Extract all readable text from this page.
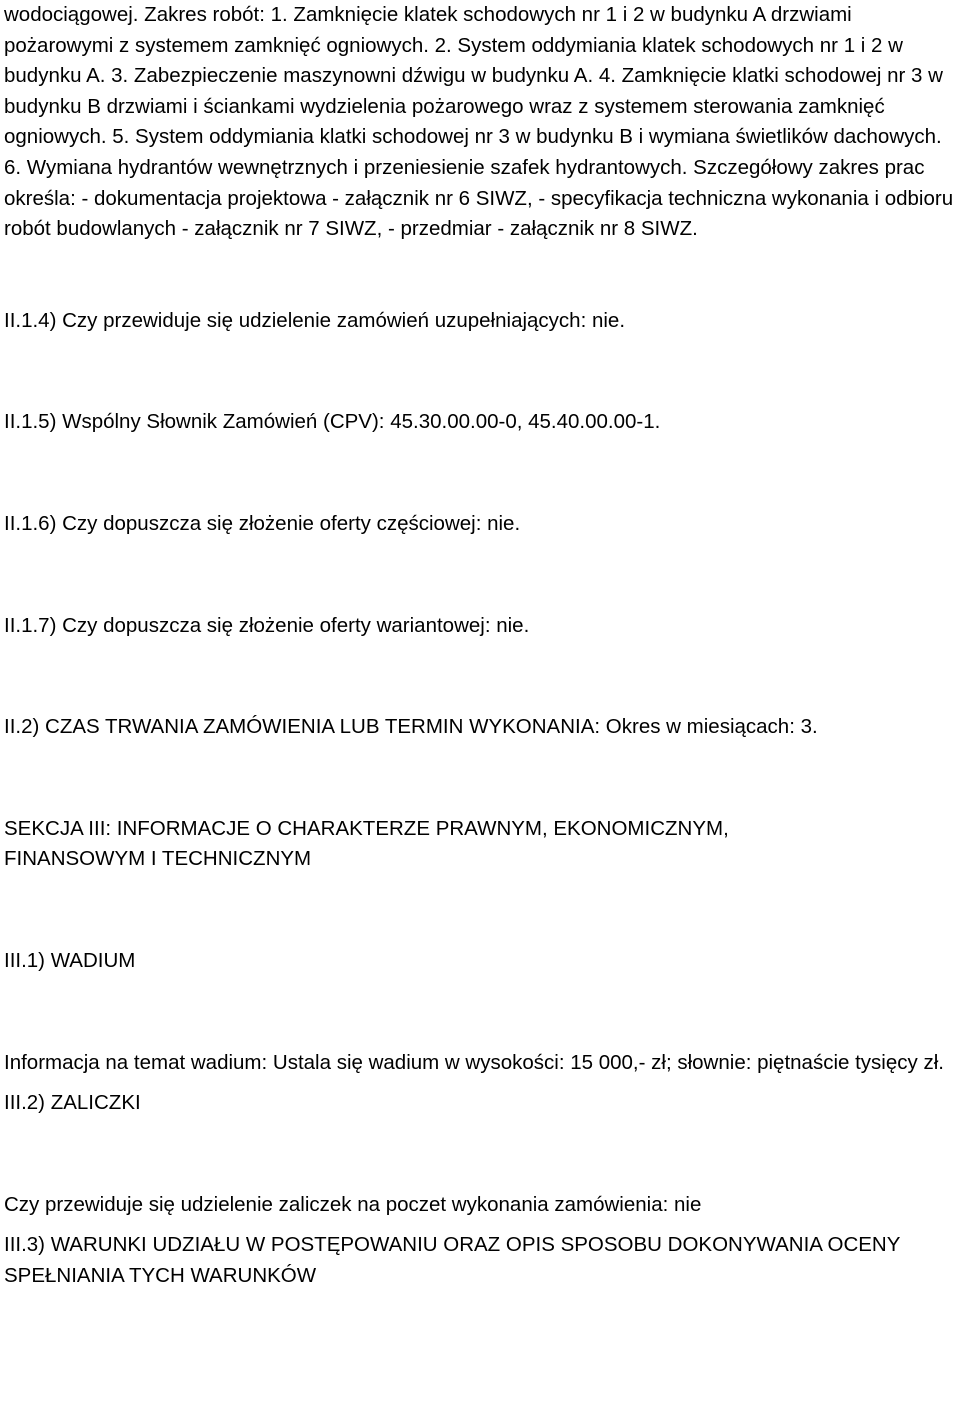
wodociągowej. Zakres robót: 1. Zamknięcie klatek schodowych nr 1 i 2 w budynku A drzwiami pożarowymi z systemem zamknięć ogniowych. 2. System oddymiania klatek schodowych nr 1 i 2 w budynku A. 3. Zabezpieczenie maszynowni dźwigu w budynku A. 4. Zamknięcie klatki schodowej nr 3 w budynku B drzwiami i ściankami wydzielenia pożarowego wraz z systemem sterowania zamknięć ogniowych. 5. System oddymiania klatki schodowej nr 3 w budynku B i wymiana świetlików dachowych. 6. Wymiana hydrantów wewnętrznych i przeniesienie szafek hydrantowych. Szczegółowy zakres prac określa: - dokumentacja projektowa - załącznik nr 6 SIWZ, - specyfikacja techniczna wykonania i odbioru robót budowlanych - załącznik nr 7 SIWZ, - przedmiar - załącznik nr 8 SIWZ.

II.1.4) Czy przewiduje się udzielenie zamówień uzupełniających: nie.

II.1.5) Wspólny Słownik Zamówień (CPV): 45.30.00.00-0, 45.40.00.00-1.

II.1.6) Czy dopuszcza się złożenie oferty częściowej: nie.

II.1.7) Czy dopuszcza się złożenie oferty wariantowej: nie.

II.2) CZAS TRWANIA ZAMÓWIENIA LUB TERMIN WYKONANIA: Okres w miesiącach: 3.

SEKCJA III: INFORMACJE O CHARAKTERZE PRAWNYM, EKONOMICZNYM,
FINANSOWYM I TECHNICZNYM

III.1) WADIUM

Informacja na temat wadium: Ustala się wadium w wysokości: 15 000,- zł; słownie: piętnaście tysięcy zł.

III.2) ZALICZKI

Czy przewiduje się udzielenie zaliczek na poczet wykonania zamówienia: nie

III.3) WARUNKI UDZIAŁU W POSTĘPOWANIU ORAZ OPIS SPOSOBU DOKONYWANIA OCENY SPEŁNIANIA TYCH WARUNKÓW
